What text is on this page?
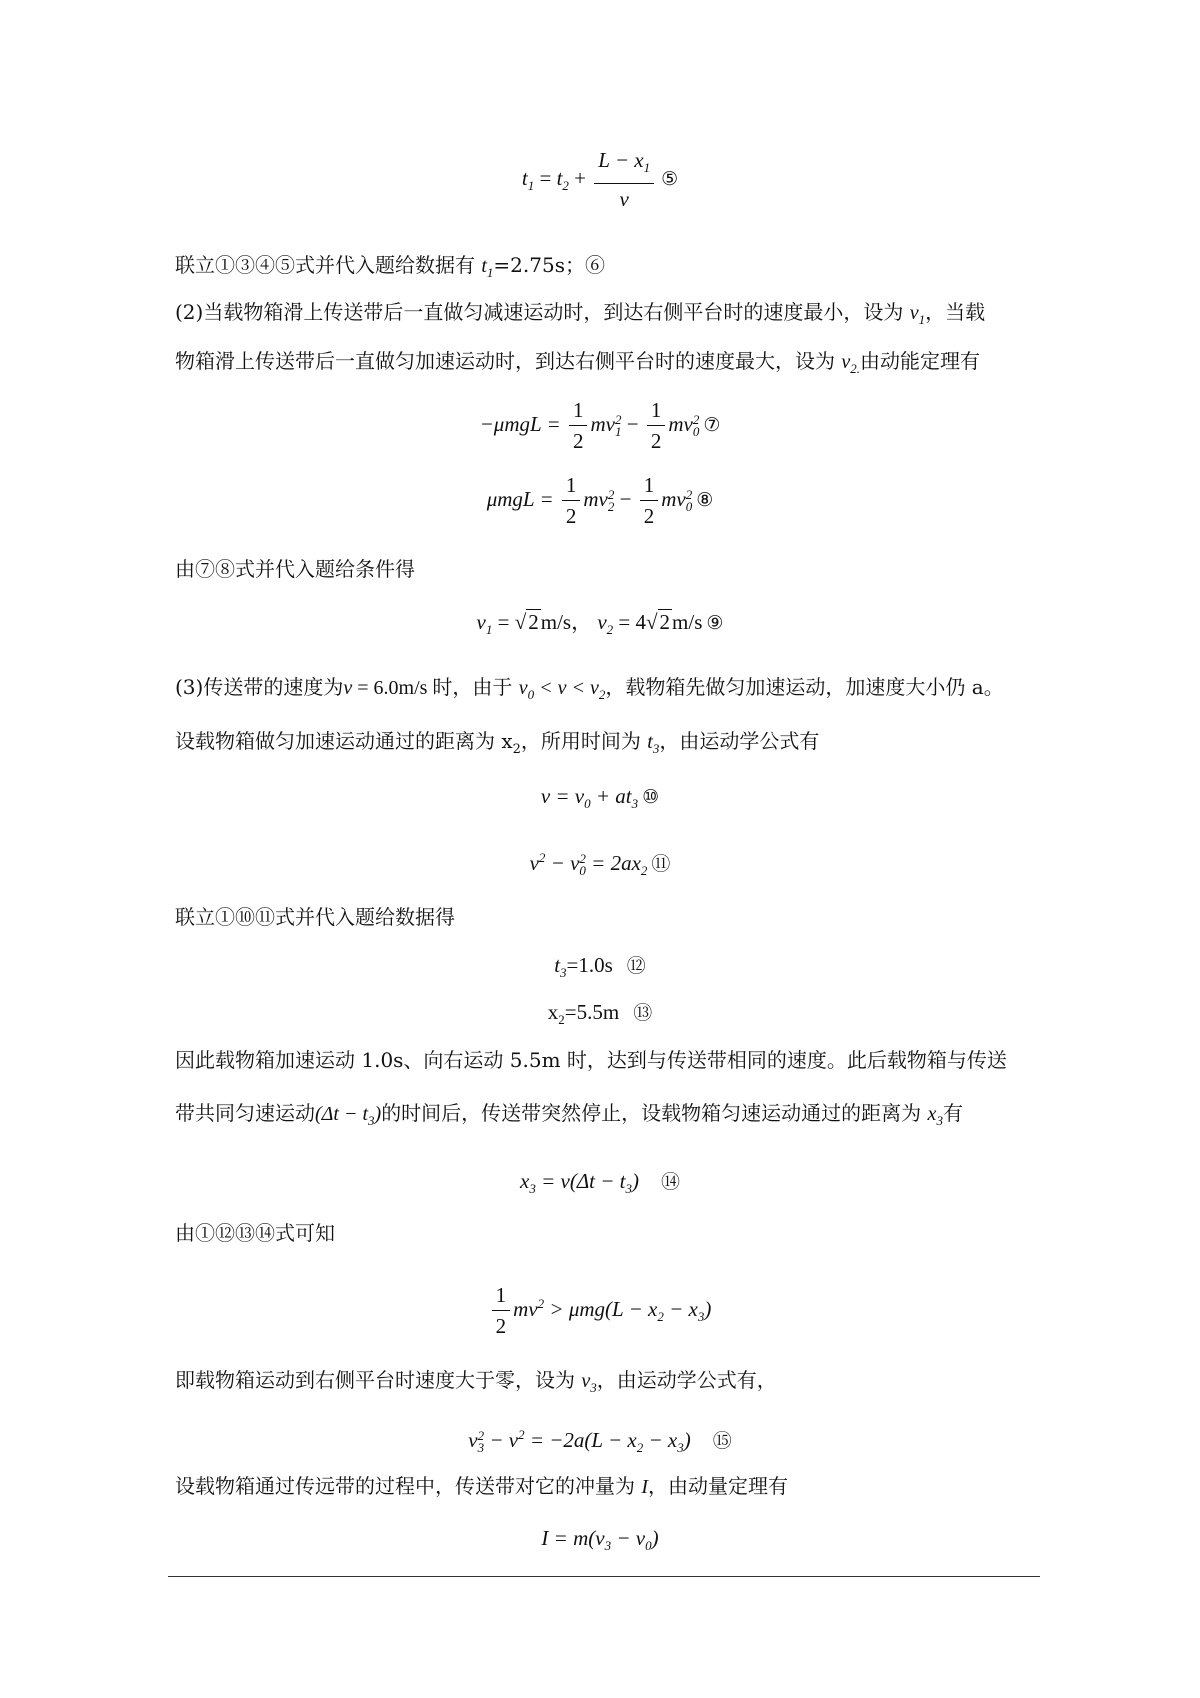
$t_1 = t_2 + \frac{L - x_1}{v}$ ⑤
联立①③④⑤式并代入题给数据有 $t_1=2.75s$；⑥
(2)当载物箱滑上传送带后一直做匀减速运动时，到达右侧平台时的速度最小，设为 $v_1$，当载
物箱滑上传送带后一直做匀加速运动时，到达右侧平台时的速度最大，设为 $v_{2.}$由动能定理有
$-\mu mgL = \frac{1}{2}$ mv 2
$1 - \frac{1}{2}$ mv 2
0 ⑦
$\mu mgL = \frac{1}{2}$ mv 2
$2 - \frac{1}{2}$ mv 2
0 ⑧
由⑦⑧式并代入题给条件得
$v_1 = √2m/s$， $v_2 = 4√2m/s$ ⑨
(3)传送带的速度为v = 6.0m/s 时，由于 $v_0 < v < v_2$，载物箱先做匀加速运动，加速度大小仍 a。
设载物箱做匀加速运动通过的距离为 $x_2$，所用时间为 $t_3$，由运动学公式有
$v = v_0 + at_3$ ⑩
$v^2 - v$ 2
$0 = 2ax_2$ ⑪
联立①⑩⑪式并代入题给数据得
$t_3=1.0s$ ⑫
$x_2=5.5m$ ⑬
因此载物箱加速运动 1.0s、向右运动 5.5m 时，达到与传送带相同的速度。此后载物箱与传送
带共同匀速运动$(\Delta t - t_3)$的时间后，传送带突然停止，设载物箱匀速运动通过的距离为 $x_3$有
$x_3 = v(\Delta t - t_3)$ ⑭
由①⑫⑬⑭式可知
$\frac{1}{2} mv^2 > \mu mg(L - x_2 - x_3)$
即载物箱运动到右侧平台时速度大于零，设为 $v_3$，由运动学公式有，
v 2
$3 - v^2 = -2a(L - x_2 - x_3)$ ⑮
设载物箱通过传远带的过程中，传送带对它的冲量为 I，由动量定理有
$I = m(v_3 - v_0)$
